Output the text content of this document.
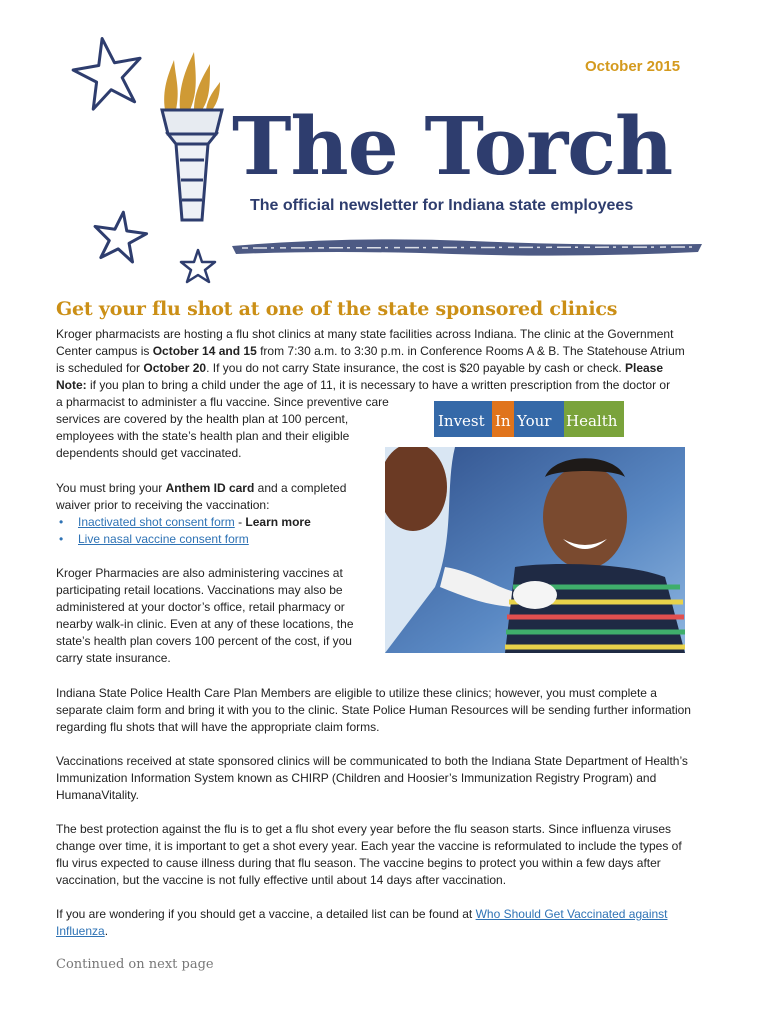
October 2015
The Torch
The official newsletter for Indiana state employees
Get your flu shot at one of the state sponsored clinics
Kroger pharmacists are hosting a flu shot clinics at many state facilities across Indiana. The clinic at the Government Center campus is October 14 and 15 from 7:30 a.m. to 3:30 p.m. in Conference Rooms A & B. The Statehouse Atrium is scheduled for October 20. If you do not carry State insurance, the cost is $20 payable by cash or check. Please Note: if you plan to bring a child under the age of 11, it is necessary to have a written prescription from the doctor or
a pharmacist to administer a flu vaccine. Since preventive care services are covered by the health plan at 100 percent, employees with the state’s health plan and their eligible dependents should get vaccinated.
Invest In Your Health
You must bring your Anthem ID card and a completed waiver prior to receiving the vaccination:
• Inactivated shot consent form - Learn more
• Live nasal vaccine consent form
Kroger Pharmacies are also administering vaccines at participating retail locations. Vaccinations may also be administered at your doctor’s office, retail pharmacy or nearby walk-in clinic. Even at any of these locations, the state’s health plan covers 100 percent of the cost, if you carry state insurance.
Indiana State Police Health Care Plan Members are eligible to utilize these clinics; however, you must complete a separate claim form and bring it with you to the clinic. State Police Human Resources will be sending further information regarding flu shots that will have the appropriate claim forms.
Vaccinations received at state sponsored clinics will be communicated to both the Indiana State Department of Health’s Immunization Information System known as CHIRP (Children and Hoosier’s Immunization Registry Program) and HumanaVitality.
The best protection against the flu is to get a flu shot every year before the flu season starts. Since influenza viruses change over time, it is important to get a shot every year. Each year the vaccine is reformulated to include the types of flu virus expected to cause illness during that flu season. The vaccine begins to protect you within a few days after vaccination, but the vaccine is not fully effective until about 14 days after vaccination.
If you are wondering if you should get a vaccine, a detailed list can be found at Who Should Get Vaccinated against Influenza.
Continued on next page
